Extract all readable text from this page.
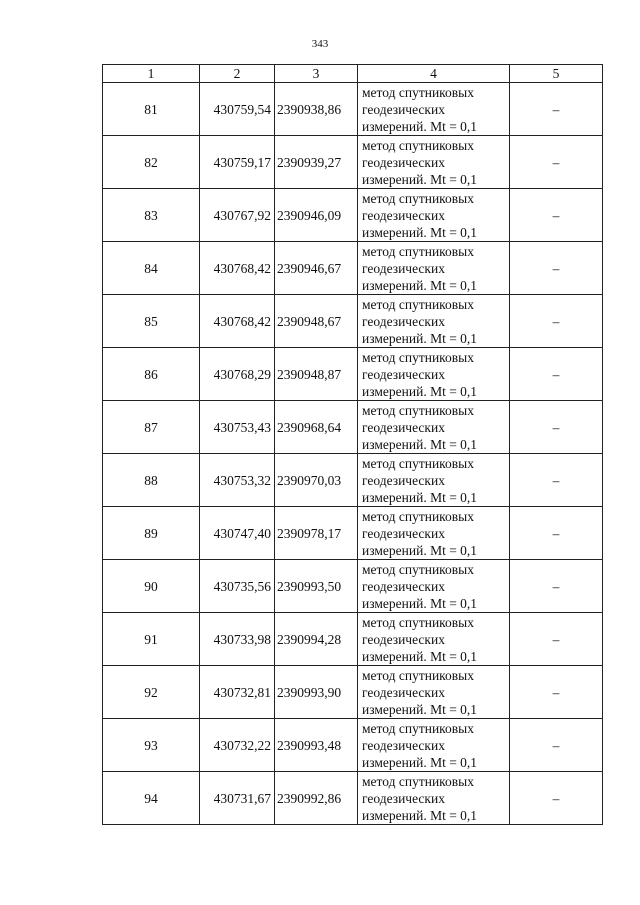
343
1	2	3	4	5
81	430759,54	2390938,86	метод спутниковых
геодезических
измерений. Mt = 0,1	–
82	430759,17	2390939,27	метод спутниковых
геодезических
измерений. Mt = 0,1	–
83	430767,92	2390946,09	метод спутниковых
геодезических
измерений. Mt = 0,1	–
84	430768,42	2390946,67	метод спутниковых
геодезических
измерений. Mt = 0,1	–
85	430768,42	2390948,67	метод спутниковых
геодезических
измерений. Mt = 0,1	–
86	430768,29	2390948,87	метод спутниковых
геодезических
измерений. Mt = 0,1	–
87	430753,43	2390968,64	метод спутниковых
геодезических
измерений. Mt = 0,1	–
88	430753,32	2390970,03	метод спутниковых
геодезических
измерений. Mt = 0,1	–
89	430747,40	2390978,17	метод спутниковых
геодезических
измерений. Mt = 0,1	–
90	430735,56	2390993,50	метод спутниковых
геодезических
измерений. Mt = 0,1	–
91	430733,98	2390994,28	метод спутниковых
геодезических
измерений. Mt = 0,1	–
92	430732,81	2390993,90	метод спутниковых
геодезических
измерений. Mt = 0,1	–
93	430732,22	2390993,48	метод спутниковых
геодезических
измерений. Mt = 0,1	–
94	430731,67	2390992,86	метод спутниковых
геодезических
измерений. Mt = 0,1	–
